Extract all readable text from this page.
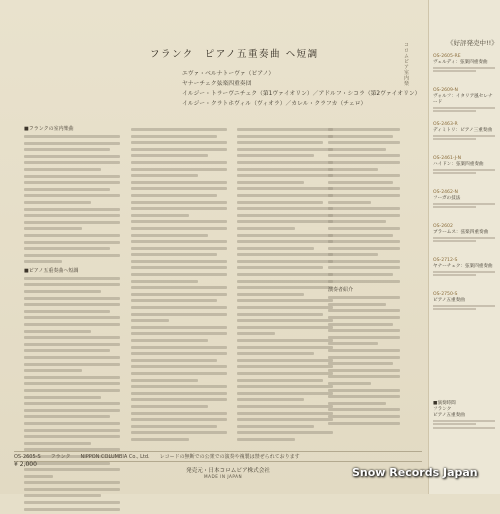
コロムビア室内楽
フランク　ピアノ五重奏曲 ヘ短調
エヴァ・ベルナトーヴァ（ピアノ）
ヤナーチェク弦楽四重奏団
イルジー・トラーヴニチェク（第1ヴァイオリン）／アドルフ・シコラ（第2ヴァイオリン）
イルジー・クラトホヴィル（ヴィオラ）／カレル・クラフカ（チェロ）
■フランクの室内楽曲
■ピアノ五重奏曲ヘ短調
演奏者紹介
OS-2605-S フランク NIPPON COLUMBIA Co., Ltd. レコードの無断での公衆での演奏や複製は禁ぜられております
¥ 2,000
発売元・日本コロムビア株式会社
MADE IN JAPAN
《好評発売中!!》
OS-2605-RE
ヴェルディ：弦楽四重奏曲
OS-2609-N
ヴォルフ：イタリア風セレナード
OS-2463-R
ディミトリ：ピアノ三重奏曲
OS-2461-J-N
ハイドン：弦楽四重奏曲
OS-2462-N
フーガの技法
OS-2602
ブラームス：弦楽四重奏曲
OS-2712-S
ヤナーチェク：弦楽四重奏曲
OS-2750-S
ピアノ五重奏曲
■演奏時間
フランク
ピアノ五重奏曲
Snow Records Japan
